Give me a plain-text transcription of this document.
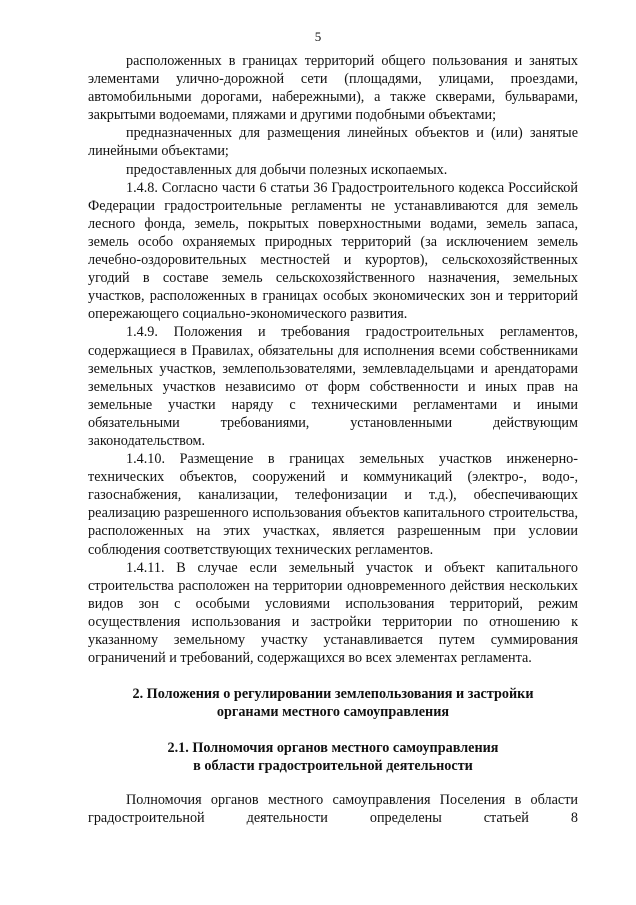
5

расположенных в границах территорий общего пользования и занятых элементами улично-дорожной сети (площадями, улицами, проездами, автомобильными дорогами, набережными), а также скверами, бульварами, закрытыми водоемами, пляжами и другими подобными объектами;

предназначенных для размещения линейных объектов и (или) занятые линейными объектами;

предоставленных для добычи полезных ископаемых.

1.4.8. Согласно части 6 статьи 36 Градостроительного кодекса Российской Федерации градостроительные регламенты не устанавливаются для земель лесного фонда, земель, покрытых поверхностными водами, земель запаса, земель особо охраняемых природных территорий (за исключением земель лечебно-оздоровительных местностей и курортов), сельскохозяйственных угодий в составе земель сельскохозяйственного назначения, земельных участков, расположенных в границах особых экономических зон и территорий опережающего социально-экономического развития.

1.4.9. Положения и требования градостроительных регламентов, содержащиеся в Правилах, обязательны для исполнения всеми собственниками земельных участков, землепользователями, землевладельцами и арендаторами земельных участков независимо от форм собственности и иных прав на земельные участки наряду с техническими регламентами и иными обязательными требованиями, установленными действующим законодательством.

1.4.10. Размещение в границах земельных участков инженерно-технических объектов, сооружений и коммуникаций (электро-, водо-, газоснабжения, канализации, телефонизации и т.д.), обеспечивающих реализацию разрешенного использования объектов капитального строительства, расположенных на этих участках, является разрешенным при условии соблюдения соответствующих технических регламентов.

1.4.11. В случае если земельный участок и объект капитального строительства расположен на территории одновременного действия нескольких видов зон с особыми условиями использования территорий, режим осуществления использования и застройки территории по отношению к указанному земельному участку устанавливается путем суммирования ограничений и требований, содержащихся во всех элементах регламента.

2. Положения о регулировании землепользования и застройки
органами местного самоуправления
2.1. Полномочия органов местного самоуправления
в области градостроительной деятельности

Полномочия органов местного самоуправления Поселения в области градостроительной деятельности определены статьей 8
